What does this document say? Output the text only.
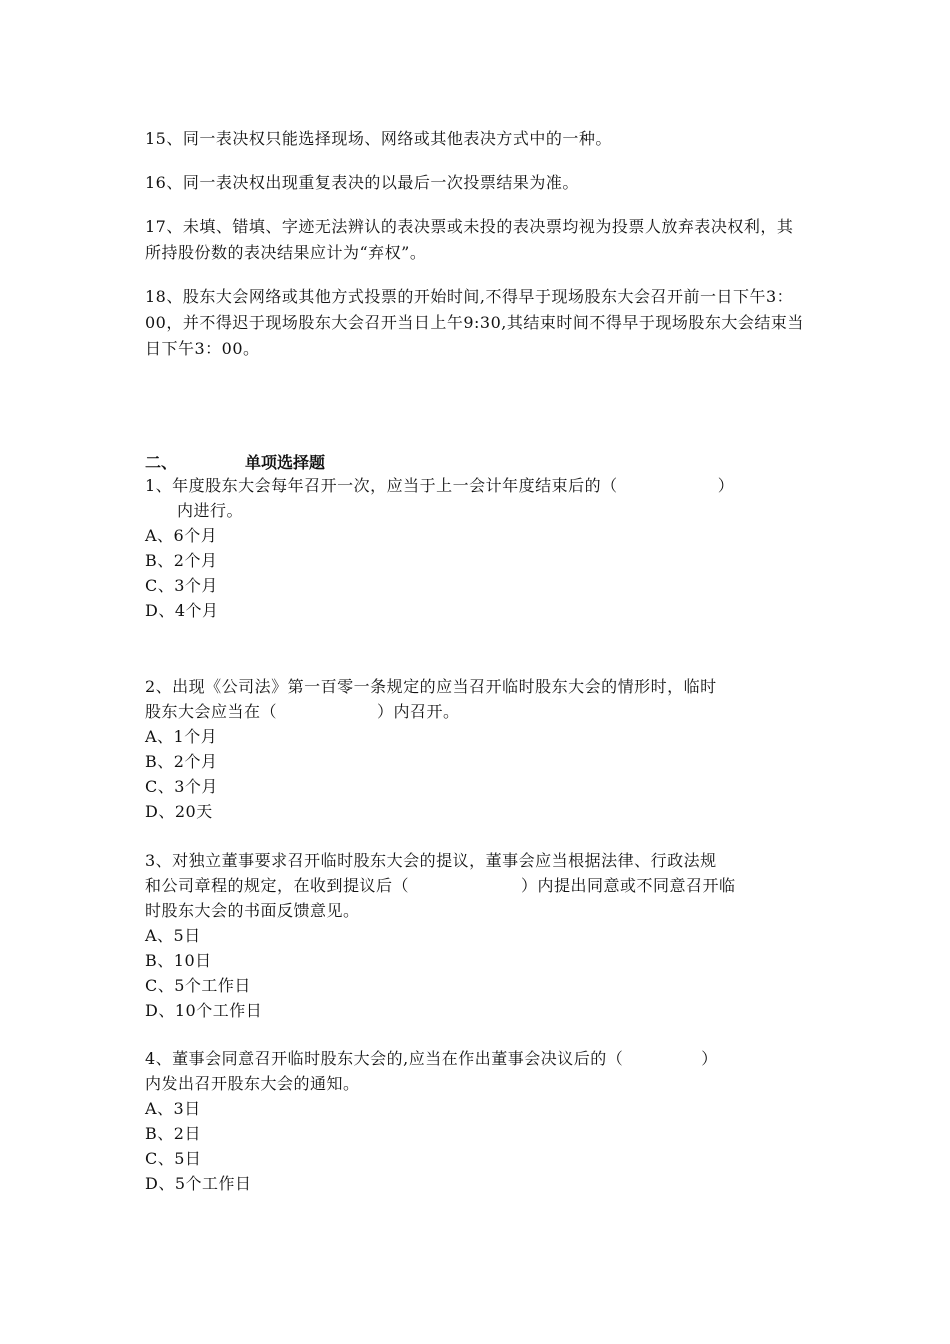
15、同一表决权只能选择现场、网络或其他表决方式中的一种。

16、同一表决权出现重复表决的以最后一次投票结果为准。

17、未填、错填、字迹无法辨认的表决票或未投的表决票均视为投票人放弃表决权利，其所持股份数的表决结果应计为“弃权”。

18、股东大会网络或其他方式投票的开始时间,不得早于现场股东大会召开前一日下午3：00，并不得迟于现场股东大会召开当日上午9:30,其结束时间不得早于现场股东大会结束当日下午3：00。

二、	单项选择题

1、年度股东大会每年召开一次，应当于上一会计年度结束后的（	）
内进行。

A、6个月
B、2个月
C、3个月
D、4个月

2、出现《公司法》第一百零一条规定的应当召开临时股东大会的情形时，临时
股东大会应当在（	）内召开。

A、1个月
B、2个月
C、3个月
D、20天

3、对独立董事要求召开临时股东大会的提议，董事会应当根据法律、行政法规
和公司章程的规定，在收到提议后（	）内提出同意或不同意召开临
时股东大会的书面反馈意见。

A、5日
B、10日
C、5个工作日
D、10个工作日

4、董事会同意召开临时股东大会的,应当在作出董事会决议后的（	）
内发出召开股东大会的通知。

A、3日
B、2日
C、5日
D、5个工作日
